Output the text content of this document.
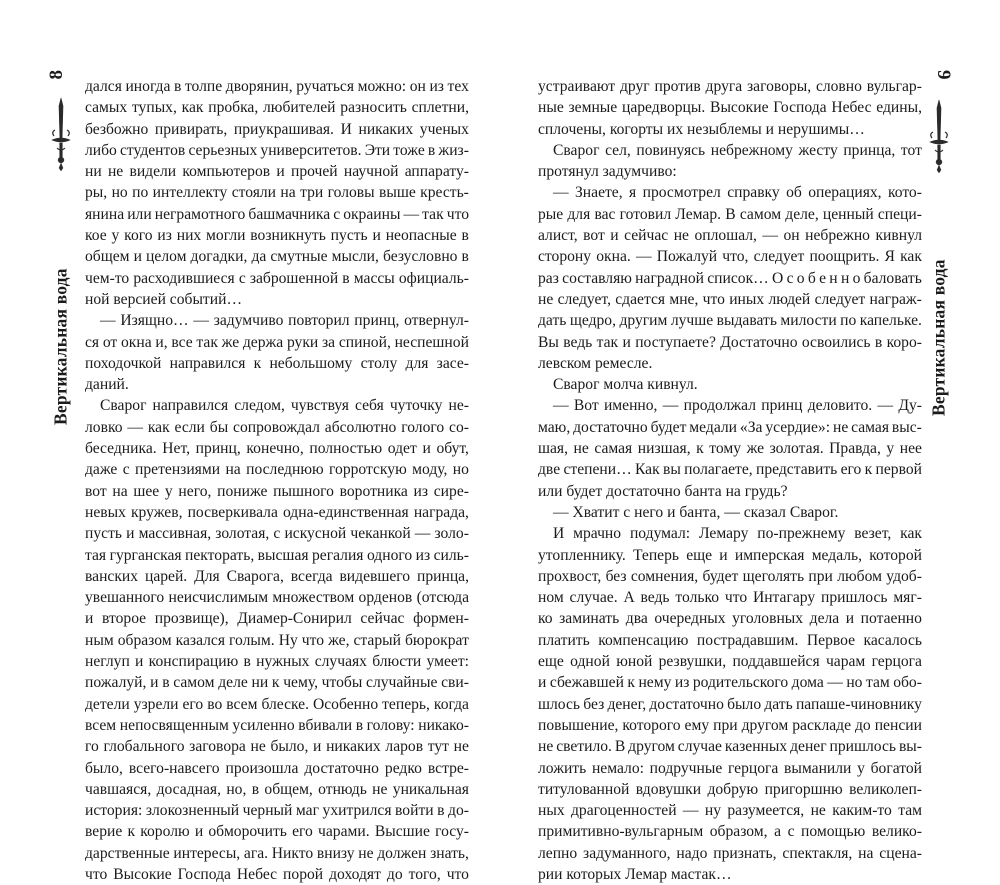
8
Вертикальная вода
дался иногда в толпе дворянин, ручаться можно: он из тех
самых тупых, как пробка, любителей разносить сплетни,
безбожно привирать, приукрашивая. И никаких ученых
либо студентов серьезных университетов. Эти тоже в жиз-
ни не видели компьютеров и прочей научной аппарату-
ры, но по интеллекту стояли на три головы выше кресть-
янина или неграмотного башмачника с окраины — так что
кое у кого из них могли возникнуть пусть и неопасные в
общем и целом догадки, да смутные мысли, безусловно в
чем-то расходившиеся с заброшенной в массы официаль-
ной версией событий…
— Изящно… — задумчиво повторил принц, отвернул-
ся от окна и, все так же держа руки за спиной, неспешной
походочкой направился к небольшому столу для засе-
даний.
Сварог направился следом, чувствуя себя чуточку не-
ловко — как если бы сопровождал абсолютно голого со-
беседника. Нет, принц, конечно, полностью одет и обут,
даже с претензиями на последнюю горротскую моду, но
вот на шее у него, пониже пышного воротника из сире-
невых кружев, посверкивала одна-единственная награда,
пусть и массивная, золотая, с искусной чеканкой — золо-
тая гурганская пекторать, высшая регалия одного из силь-
ванских царей. Для Сварога, всегда видевшего принца,
увешанного неисчислимым множеством орденов (отсюда
и второе прозвище), Диамер-Сонирил сейчас формен-
ным образом казался голым. Ну что же, старый бюрократ
неглуп и конспирацию в нужных случаях блюсти умеет:
пожалуй, и в самом деле ни к чему, чтобы случайные сви-
детели узрели его во всем блеске. Особенно теперь, когда
всем непосвященным усиленно вбивали в голову: никако-
го глобального заговора не было, и никаких ларов тут не
было, всего-навсего произошла достаточно редко встре-
чавшаяся, досадная, но, в общем, отнюдь не уникальная
история: злокозненный черный маг ухитрился войти в до-
верие к королю и обморочить его чарами. Высшие госу-
дарственные интересы, ага. Никто внизу не должен знать,
что Высокие Господа Небес порой доходят до того, что
устраивают друг против друга заговоры, словно вульгар-
ные земные царедворцы. Высокие Господа Небес едины,
сплочены, когорты их незыблемы и нерушимы…
Сварог сел, повинуясь небрежному жесту принца, тот
протянул задумчиво:
— Знаете, я просмотрел справку об операциях, кото-
рые для вас готовил Лемар. В самом деле, ценный специ-
алист, вот и сейчас не оплошал, — он небрежно кивнул
сторону окна. — Пожалуй что, следует поощрить. Я как
раз составляю наградной список… О с о б е н н о баловать
не следует, сдается мне, что иных людей следует награж-
дать щедро, другим лучше выдавать милости по капельке.
Вы ведь так и поступаете? Достаточно освоились в коро-
левском ремесле.
Сварог молча кивнул.
— Вот именно, — продолжал принц деловито. — Ду-
маю, достаточно будет медали «За усердие»: не самая выс-
шая, не самая низшая, к тому же золотая. Правда, у нее
две степени… Как вы полагаете, представить его к первой
или будет достаточно банта на грудь?
— Хватит с него и банта, — сказал Сварог.
И мрачно подумал: Лемару по-прежнему везет, как
утопленнику. Теперь еще и имперская медаль, которой
прохвост, без сомнения, будет щеголять при любом удоб-
ном случае. А ведь только что Интагару пришлось мяг-
ко заминать два очередных уголовных дела и потаенно
платить компенсацию пострадавшим. Первое касалось
еще одной юной резвушки, поддавшейся чарам герцога
и сбежавшей к нему из родительского дома — но там обо-
шлось без денег, достаточно было дать папаше-чиновнику
повышение, которого ему при другом раскладе до пенсии
не светило. В другом случае казенных денег пришлось вы-
ложить немало: подручные герцога выманили у богатой
титулованной вдовушки добрую пригоршню великолеп-
ных драгоценностей — ну разумеется, не каким-то там
примитивно-вульгарным образом, а с помощью велико-
лепно задуманного, надо признать, спектакля, на сцена-
рии которых Лемар мастак…
9
Вертикальная вода
